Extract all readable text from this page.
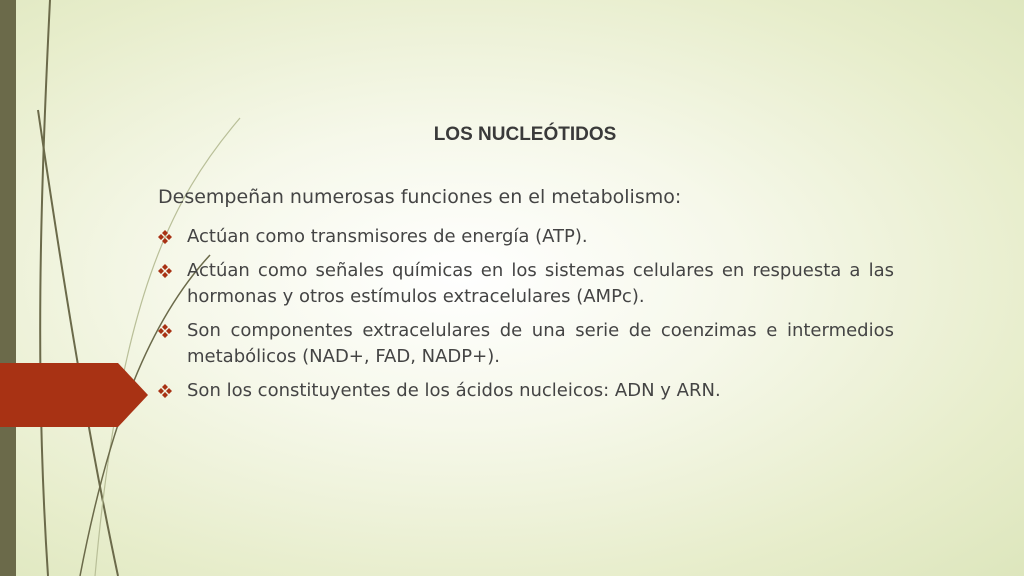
LOS NUCLEÓTIDOS

Desempeñan numerosas funciones en el metabolismo:

Actúan como transmisores de energía (ATP).
Actúan como señales químicas en los sistemas celulares en respuesta a las hormonas y otros estímulos extracelulares (AMPc).
Son componentes extracelulares de una serie de coenzimas e intermedios metabólicos (NAD+, FAD, NADP+).
Son los constituyentes de los ácidos nucleicos: ADN y ARN.
